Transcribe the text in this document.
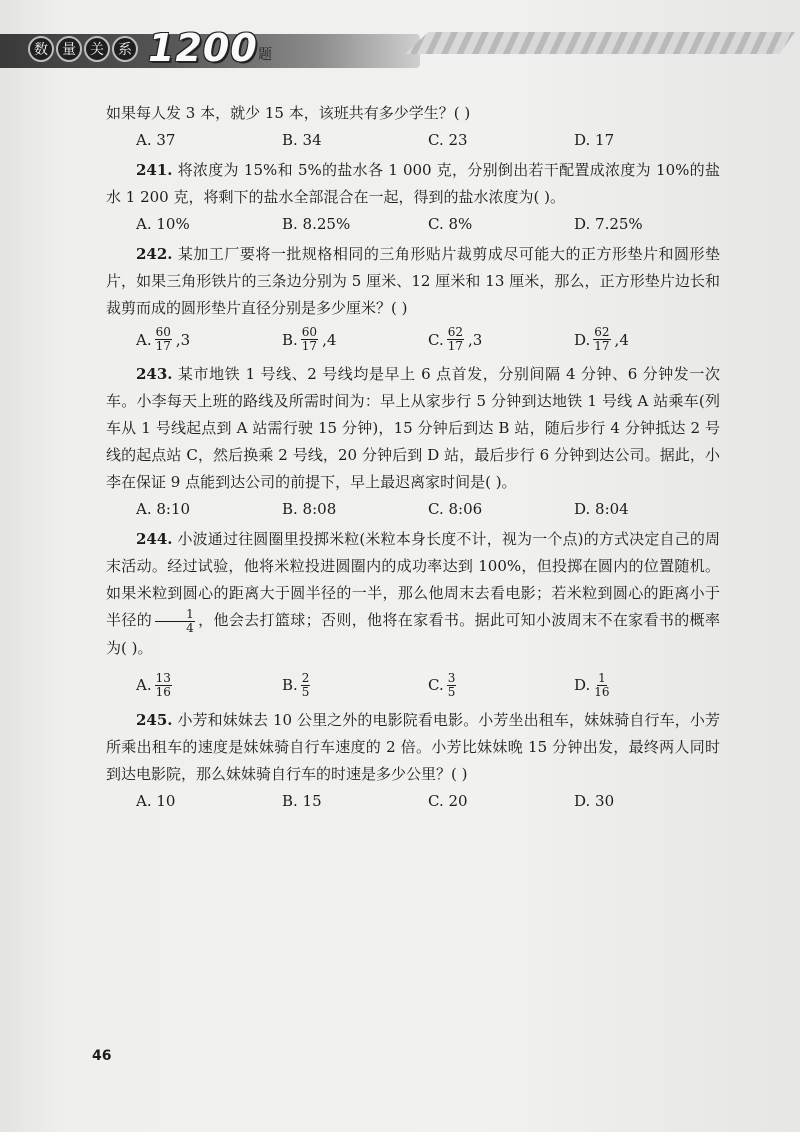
数	量	关	系 1200 题

如果每人发 3 本，就少 15 本，该班共有多少学生？( )

A. 37	B. 34	C. 23	D. 17

241. 将浓度为 15%和 5%的盐水各 1 000 克，分别倒出若干配置成浓度为 10%的盐水 1 200 克，将剩下的盐水全部混合在一起，得到的盐水浓度为( )。

A. 10%	B. 8.25%	C. 8%	D. 7.25%

242. 某加工厂要将一批规格相同的三角形贴片裁剪成尽可能大的正方形垫片和圆形垫片，如果三角形铁片的三条边分别为 5 厘米、12 厘米和 13 厘米，那么，正方形垫片边长和裁剪而成的圆形垫片直径分别是多少厘米？( )

A. $\frac{60}{17} ,3$	B. $\frac{60}{17} ,4$	C. $\frac{62}{17} ,3$	D. $\frac{62}{17} ,4$

243. 某市地铁 1 号线、2 号线均是早上 6 点首发，分别间隔 4 分钟、6 分钟发一次车。小李每天上班的路线及所需时间为：早上从家步行 5 分钟到达地铁 1 号线 A 站乘车(列车从 1 号线起点到 A 站需行驶 15 分钟)，15 分钟后到达 B 站，随后步行 4 分钟抵达 2 号线的起点站 C，然后换乘 2 号线，20 分钟后到 D 站，最后步行 6 分钟到达公司。据此，小李在保证 9 点能到达公司的前提下，早上最迟离家时间是( )。

A. 8:10	B. 8:08	C. 8:06	D. 8:04

244. 小波通过往圆圈里投掷米粒(米粒本身长度不计，视为一个点)的方式决定自己的周末活动。经过试验，他将米粒投进圆圈内的成功率达到 100%，但投掷在圆内的位置随机。如果米粒到圆心的距离大于圆半径的一半，那么他周末去看电影；若米粒到圆心的距离小于半径的 $\frac{1}{4}$ ，他会去打篮球；否则，他将在家看书。据此可知小波周末不在家看书的概率为( )。

A. $\frac{13}{16}$	B. $\frac{2}{5}$	C. $\frac{3}{5}$	D. $\frac{1}{16}$

245. 小芳和妹妹去 10 公里之外的电影院看电影。小芳坐出租车，妹妹骑自行车，小芳所乘出租车的速度是妹妹骑自行车速度的 2 倍。小芳比妹妹晚 15 分钟出发，最终两人同时到达电影院，那么妹妹骑自行车的时速是多少公里？( )

A. 10	B. 15	C. 20	D. 30
46
